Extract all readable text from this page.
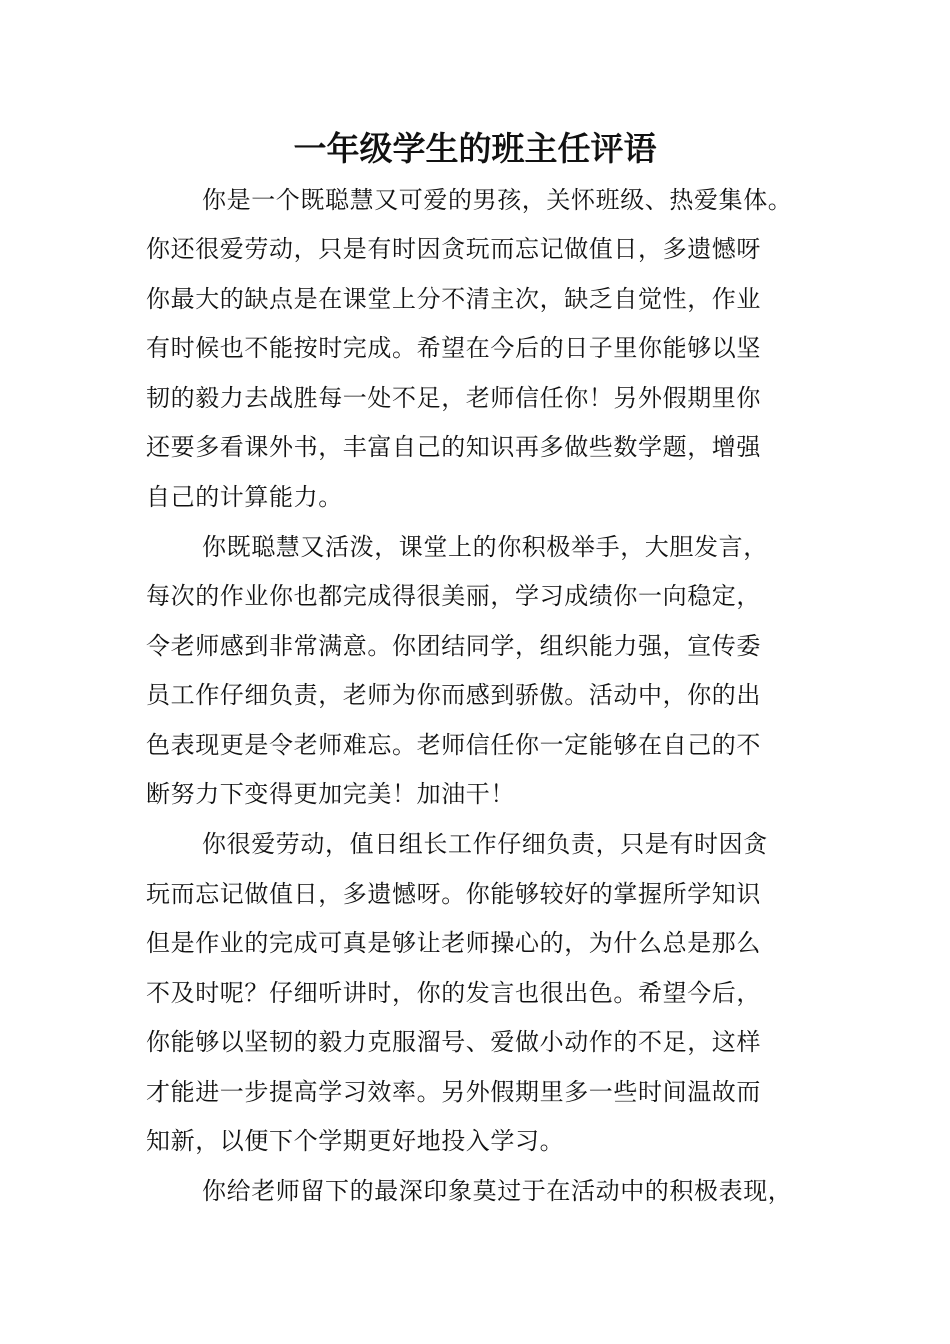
一年级学生的班主任评语

你是一个既聪慧又可爱的男孩，关怀班级、热爱集体。

你还很爱劳动，只是有时因贪玩而忘记做值日，多遗憾呀

你最大的缺点是在课堂上分不清主次，缺乏自觉性，作业

有时候也不能按时完成。希望在今后的日子里你能够以坚

韧的毅力去战胜每一处不足，老师信任你！另外假期里你

还要多看课外书，丰富自己的知识再多做些数学题，增强

自己的计算能力。

你既聪慧又活泼，课堂上的你积极举手，大胆发言，

每次的作业你也都完成得很美丽，学习成绩你一向稳定，

令老师感到非常满意。你团结同学，组织能力强，宣传委

员工作仔细负责，老师为你而感到骄傲。活动中，你的出

色表现更是令老师难忘。老师信任你一定能够在自己的不

断努力下变得更加完美！加油干！

你很爱劳动，值日组长工作仔细负责，只是有时因贪

玩而忘记做值日，多遗憾呀。你能够较好的掌握所学知识

但是作业的完成可真是够让老师操心的，为什么总是那么

不及时呢？仔细听讲时，你的发言也很出色。希望今后，

你能够以坚韧的毅力克服溜号、爱做小动作的不足，这样

才能进一步提高学习效率。另外假期里多一些时间温故而

知新，以便下个学期更好地投入学习。

你给老师留下的最深印象莫过于在活动中的积极表现，
